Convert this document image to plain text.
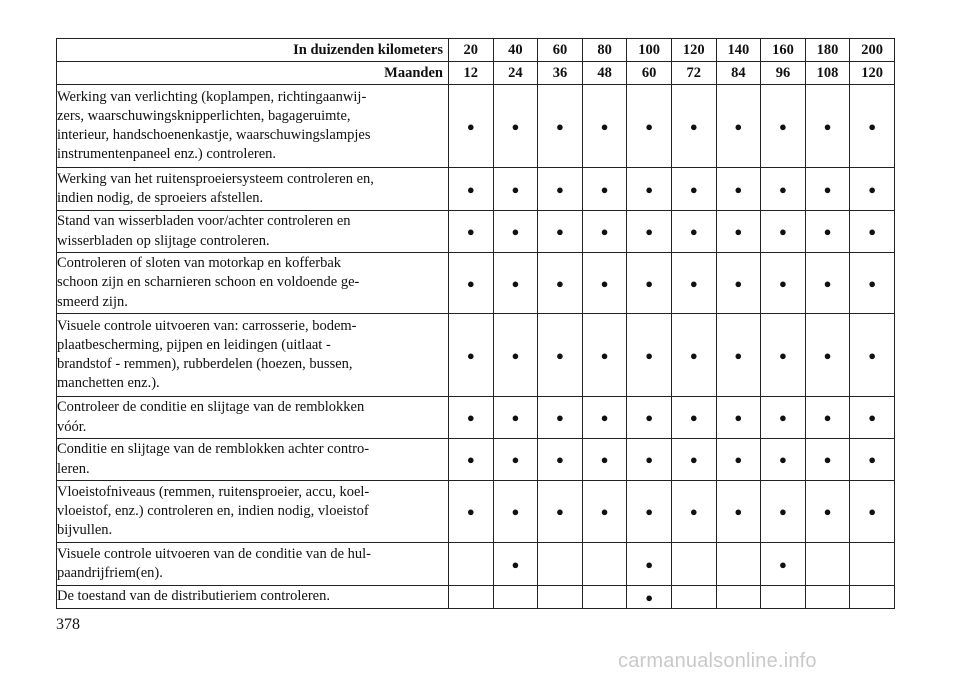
In duizenden kilometers	20	40	60	80	100	120	140	160	180	200
Maanden	12	24	36	48	60	72	84	96	108	120
Werking van verlichting (koplampen, richtingaanwij-
zers, waarschuwingsknipperlichten, bagageruimte,
interieur, handschoenenkastje, waarschuwingslampjes
instrumentenpaneel enz.) controleren.	●	●	●	●	●	●	●	●	●	●
Werking van het ruitensproeiersysteem controleren en,
indien nodig, de sproeiers afstellen.	●	●	●	●	●	●	●	●	●	●
Stand van wisserbladen voor/achter controleren en
wisserbladen op slijtage controleren.	●	●	●	●	●	●	●	●	●	●
Controleren of sloten van motorkap en kofferbak
schoon zijn en scharnieren schoon en voldoende ge-
smeerd zijn.	●	●	●	●	●	●	●	●	●	●
Visuele controle uitvoeren van: carrosserie, bodem-
plaatbescherming, pijpen en leidingen (uitlaat -
brandstof - remmen), rubberdelen (hoezen, bussen,
manchetten enz.).	●	●	●	●	●	●	●	●	●	●
Controleer de conditie en slijtage van de remblokken
vóór.	●	●	●	●	●	●	●	●	●	●
Conditie en slijtage van de remblokken achter contro-
leren.	●	●	●	●	●	●	●	●	●	●
Vloeistofniveaus (remmen, ruitensproeier, accu, koel-
vloeistof, enz.) controleren en, indien nodig, vloeistof
bijvullen.	●	●	●	●	●	●	●	●	●	●
Visuele controle uitvoeren van de conditie van de hul-
paandrijfriem(en).		●			●			●		
De toestand van de distributieriem controleren.					●					
378
carmanualsonline.info
